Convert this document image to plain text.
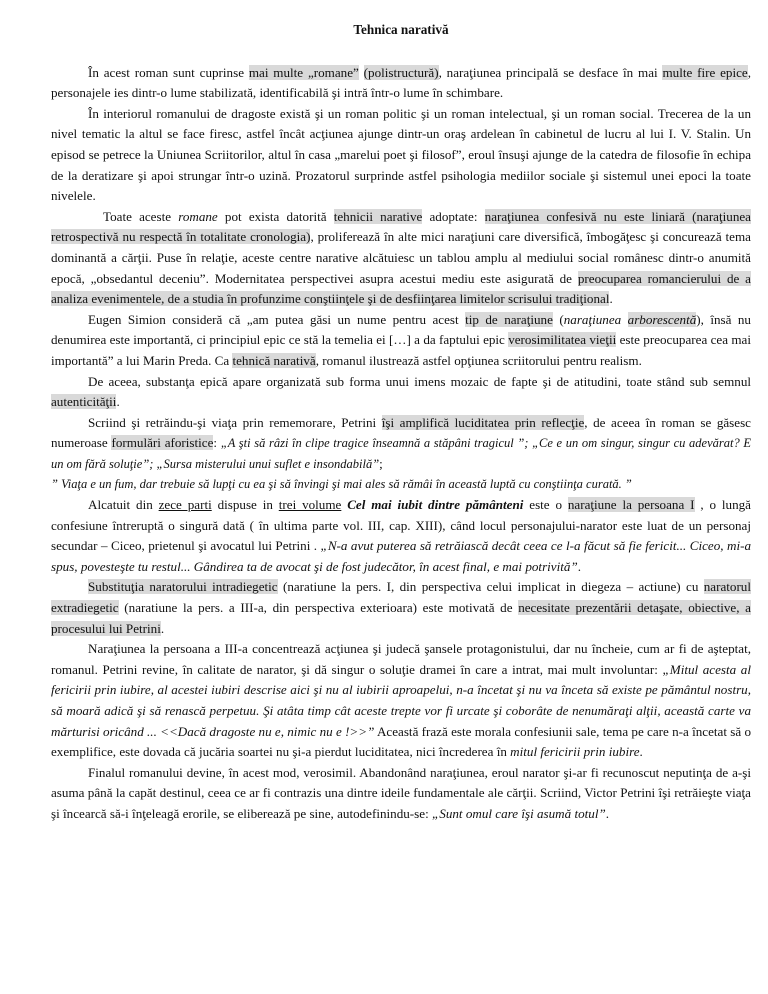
Tehnica narativă

În acest roman sunt cuprinse mai multe „romane” (polistructură), naraţiunea principală se desface în mai multe fire epice, personajele ies dintr-o lume stabilizată, identificabilă şi intră într-o lume în schimbare.

În interiorul romanului de dragoste există şi un roman politic şi un roman intelectual, şi un roman social. Trecerea de la un nivel tematic la altul se face firesc, astfel încât acţiunea ajunge dintr-un oraş ardelean în cabinetul de lucru al lui I. V. Stalin. Un episod se petrece la Uniunea Scriitorilor, altul în casa „marelui poet şi filosof”, eroul însuşi ajunge de la catedra de filosofie în echipa de la deratizare şi apoi strungar într-o uzină. Prozatorul surprinde astfel psihologia mediilor sociale şi sistemul unei epoci la toate nivelele.

Toate aceste romane pot exista datorită tehnicii narative adoptate: naraţiunea confesivă nu este liniară (naraţiunea retrospectivă nu respectă în totalitate cronologia), proliferează în alte mici naraţiuni care diversifică, îmbogăţesc şi concurează tema dominantă a cărţii. Puse în relaţie, aceste centre narative alcătuiesc un tablou amplu al mediului social românesc dintr-o anumită epocă, „obsedantul deceniu”. Modernitatea perspectivei asupra acestui mediu este asigurată de preocuparea romancierului de a analiza evenimentele, de a studia în profunzime conştiinţele şi de desfiinţarea limitelor scrisului tradiţional.

Eugen Simion consideră că „am putea găsi un nume pentru acest tip de naraţiune (naraţiunea arborescentă), însă nu denumirea este importantă, ci principiul epic ce stă la temelia ei […] a da faptului epic verosimilitatea vieţii este preocuparea cea mai importantă” a lui Marin Preda. Ca tehnică narativă, romanul ilustrează astfel opţiunea scriitorului pentru realism.

De aceea, substanţa epică apare organizată sub forma unui imens mozaic de fapte şi de atitudini, toate stând sub semnul autenticităţii.

Scriind şi retrăindu-şi viaţa prin rememorare, Petrini îşi amplifică luciditatea prin reflecţie, de aceea în roman se găsesc numeroase formulări aforistice: „A şti să râzi în clipe tragice înseamnă a stăpâni tragicul ”; „Ce e un om singur, singur cu adevărat? E un om fără soluţie”; „Sursa misterului unui suflet e insondabilă”;

” Viaţa e un fum, dar trebuie să lupţi cu ea şi să învingi şi mai ales să rămâi în această luptă cu conştiinţa curată. ”

Alcatuit din zece parti dispuse in trei volume Cel mai iubit dintre pământeni este o naraţiune la persoana I , o lungă confesiune întreruptă o singură dată ( în ultima parte vol. III, cap. XIII), când locul personajului-narator este luat de un personaj secundar – Ciceo, prietenul şi avocatul lui Petrini . „N-a avut puterea să retrăiască decât ceea ce l-a făcut să fie fericit... Ciceo, mi-a spus, povesteşte tu restul... Gândirea ta de avocat şi de fost judecător, în acest final, e mai potrivită”.

Substituţia naratorului intradiegetic (naratiune la pers. I, din perspectiva celui implicat in diegeza – actiune) cu naratorul extradiegetic (naratiune la pers. a III-a, din perspectiva exterioara) este motivată de necesitate prezentării detaşate, obiective, a procesului lui Petrini.

Naraţiunea la persoana a III-a concentrează acţiunea şi judecă şansele protagonistului, dar nu încheie, cum ar fi de aşteptat, romanul. Petrini revine, în calitate de narator, şi dă singur o soluţie dramei în care a intrat, mai mult involuntar: „Mitul acesta al fericirii prin iubire, al acestei iubiri descrise aici şi nu al iubirii aproapelui, n-a încetat şi nu va înceta să existe pe pământul nostru, să moară adică şi să renască perpetuu. Şi atâta timp cât aceste trepte vor fi urcate şi coborâte de nenumăraţi alţii, această carte va mărturisi oricând ... <<Dacă dragoste nu e, nimic nu e !>>” Această frază este morala confesiunii sale, tema pe care n-a încetat să o exemplifice, este dovada că jucăria soartei nu şi-a pierdut luciditatea, nici încrederea în mitul fericirii prin iubire.

Finalul romanului devine, în acest mod, verosimil. Abandonând naraţiunea, eroul narator şi-ar fi recunoscut neputinţa de a-şi asuma până la capăt destinul, ceea ce ar fi contrazis una dintre ideile fundamentale ale cărţii. Scriind, Victor Petrini îşi retrăieşte viaţa şi încearcă să-i înţeleagă erorile, se eliberează pe sine, autodefinindu-se: „Sunt omul care îşi asumă totul”.
